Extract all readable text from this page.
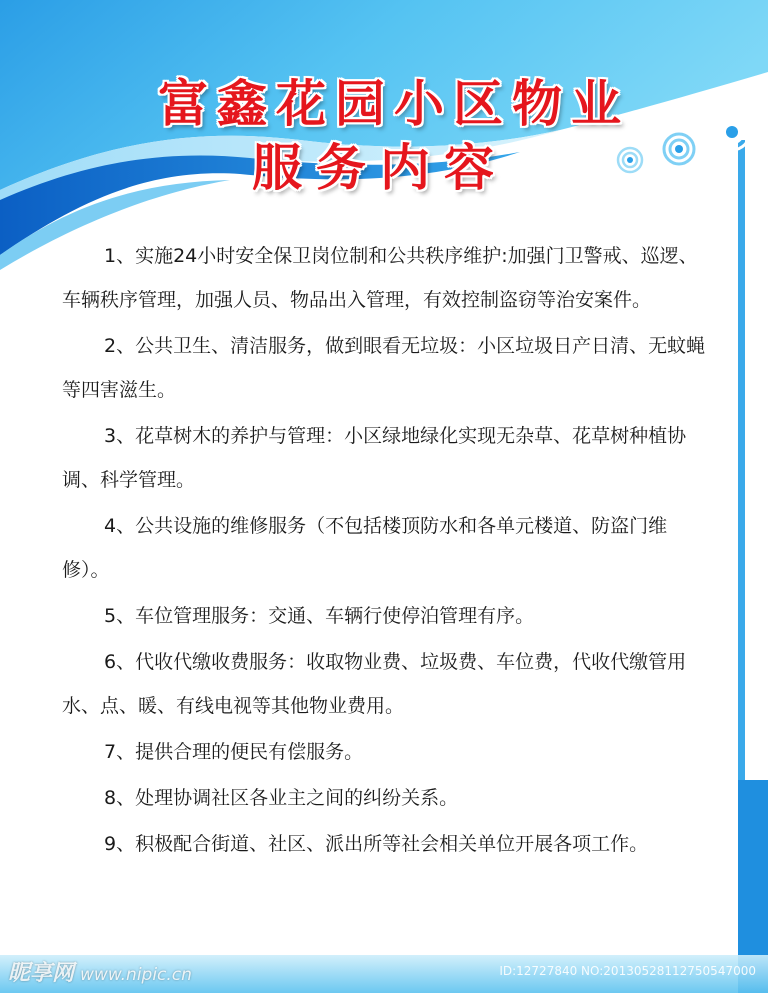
富鑫花园小区物业
服务内容

1、实施24小时安全保卫岗位制和公共秩序维护:加强门卫警戒、巡逻、车辆秩序管理，加强人员、物品出入管理，有效控制盗窃等治安案件。

2、公共卫生、清洁服务，做到眼看无垃圾：小区垃圾日产日清、无蚊蝇等四害滋生。

3、花草树木的养护与管理：小区绿地绿化实现无杂草、花草树种植协调、科学管理。

4、公共设施的维修服务（不包括楼顶防水和各单元楼道、防盗门维修）。

5、车位管理服务：交通、车辆行使停泊管理有序。

6、代收代缴收费服务：收取物业费、垃圾费、车位费，代收代缴管用水、点、暖、有线电视等其他物业费用。

7、提供合理的便民有偿服务。

8、处理协调社区各业主之间的纠纷关系。

9、积极配合街道、社区、派出所等社会相关单位开展各项工作。

昵享网 www.nipic.cn	ID:12727840 NO:20130528112750547000
